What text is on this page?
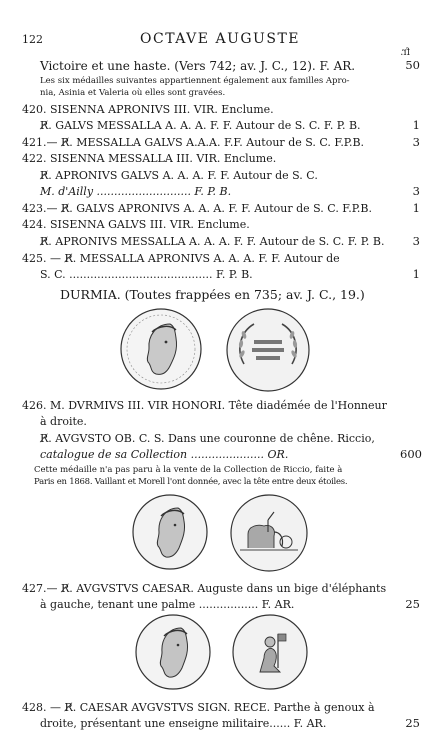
122	OCTAVE AUGUSTE
fr.
Victoire et une haste. (Vers 742; av. J. C., 12). F. AR.	50
Les six médailles suivantes appartiennent également aux familles Apro-
nia, Asinia et Valeria où elles sont gravées.
420. SISENNA APRONIVS III. VIR. Enclume.
R̸. GALVS MESSALLA A. A. A. F. F. Autour de S. C. F. P. B.	1
421.— R̸. MESSALLA GALVS A.A.A. F.F. Autour de S. C. F.P.B.	3
422. SISENNA MESSALLA III. VIR. Enclume.
R̸. APRONIVS GALVS A. A. A. F. F. Autour de S. C.
M. d'Ailly ........................... F. P. B.	3
423.— R̸. GALVS APRONIVS A. A. A. F. F. Autour de S. C. F.P.B.	1
424. SISENNA GALVS III. VIR. Enclume.
R̸. APRONIVS MESSALLA A. A. A. F. F. Autour de S. C. F. P. B.	3
425. — R̸. MESSALLA APRONIVS A. A. A. F. F. Autour de
S. C. ......................................... F. P. B.	1
DURMIA. (Toutes frappées en 735; av. J. C., 19.)
426. M. DVRMIVS III. VIR HONORI. Tête diadémée de l'Honneur
à droite.
R̸. AVGVSTO OB. C. S. Dans une couronne de chêne. Riccio,
catalogue de sa Collection ..................... OR.	600
Cette médaille n'a pas paru à la vente de la Collection de Riccio, faite à
Paris en 1868. Vaillant et Morell l'ont donnée, avec la tête entre deux étoiles.
427.— R̸. AVGVSTVS CAESAR. Auguste dans un bige d'éléphants
à gauche, tenant une palme ................. F. AR.	25
428. — R̸. CAESAR AVGVSTVS SIGN. RECE. Parthe à genoux à
droite, présentant une enseigne militaire...... F. AR.	25
